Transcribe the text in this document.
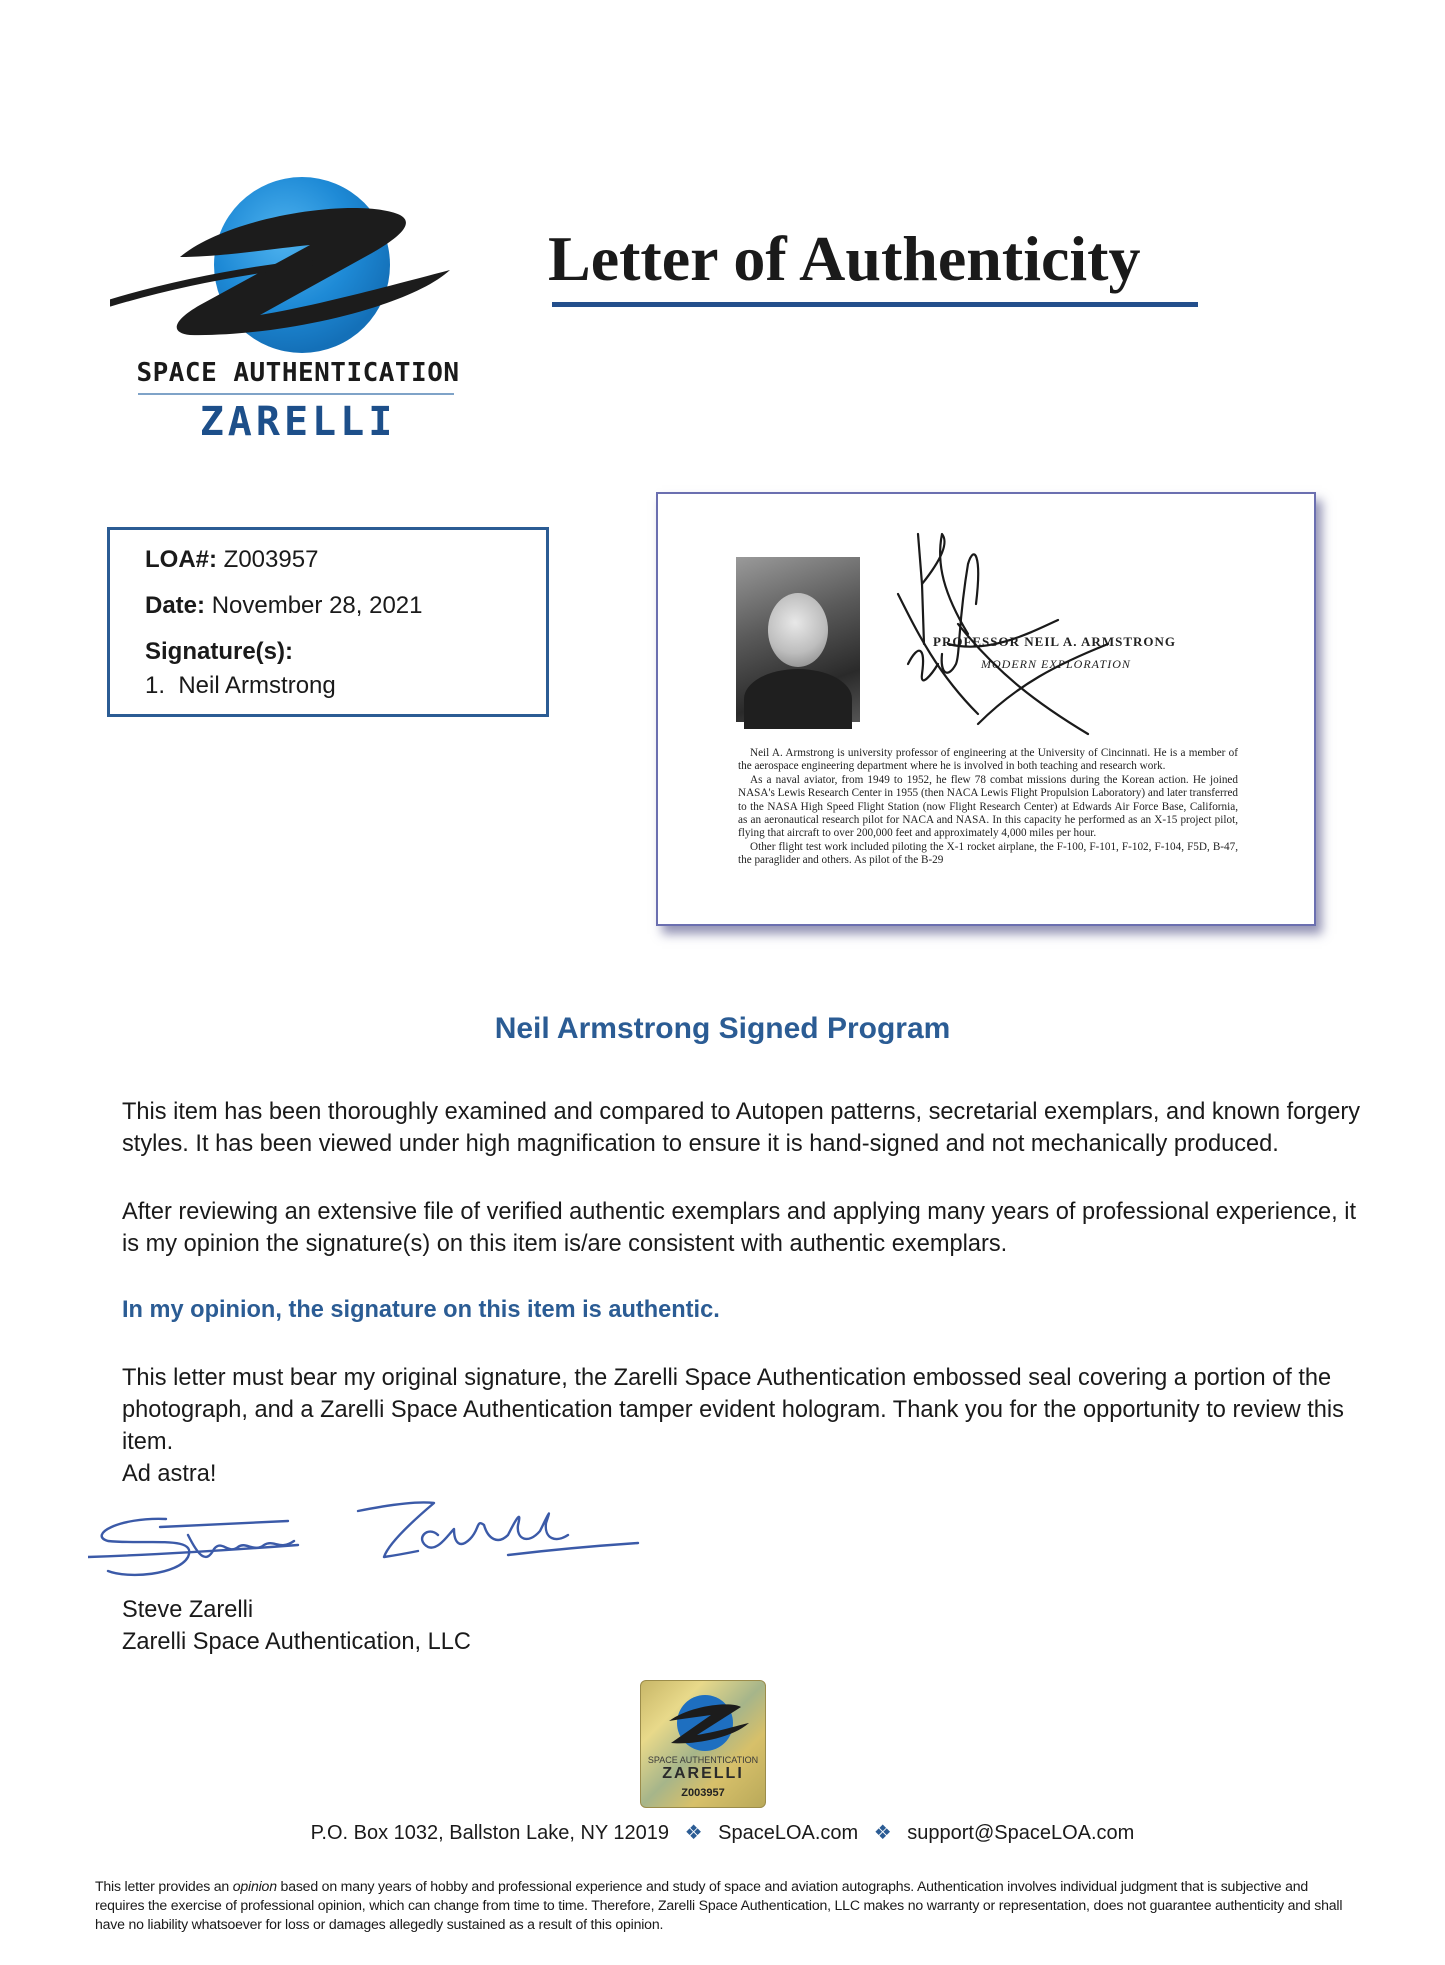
SPACE AUTHENTICATION
ZARELLI
Letter of Authenticity
LOA#: Z003957
Date: November 28, 2021
Signature(s):
1.  Neil Armstrong
PROFESSOR NEIL A. ARMSTRONG
MODERN EXPLORATION

Neil A. Armstrong is university professor of engineering at the University of Cincinnati. He is a member of the aerospace engineering department where he is involved in both teaching and research work.

As a naval aviator, from 1949 to 1952, he flew 78 combat missions during the Korean action. He joined NASA's Lewis Research Center in 1955 (then NACA Lewis Flight Propulsion Laboratory) and later transferred to the NASA High Speed Flight Station (now Flight Research Center) at Edwards Air Force Base, California, as an aeronautical research pilot for NACA and NASA. In this capacity he performed as an X-15 project pilot, flying that aircraft to over 200,000 feet and approximately 4,000 miles per hour.

Other flight test work included piloting the X-1 rocket airplane, the F-100, F-101, F-102, F-104, F5D, B-47, the paraglider and others. As pilot of the B-29

Neil Armstrong Signed Program
This item has been thoroughly examined and compared to Autopen patterns, secretarial exemplars, and known forgery styles. It has been viewed under high magnification to ensure it is hand-signed and not mechanically produced.
After reviewing an extensive file of verified authentic exemplars and applying many years of professional experience, it is my opinion the signature(s) on this item is/are consistent with authentic exemplars.
In my opinion, the signature on this item is authentic.
This letter must bear my original signature, the Zarelli Space Authentication embossed seal covering a portion of the photograph, and a Zarelli Space Authentication tamper evident hologram. Thank you for the opportunity to review this item.
Ad astra!
Steve Zarelli
Zarelli Space Authentication, LLC
SPACE AUTHENTICATION
ZARELLI
Z003957
P.O. Box 1032, Ballston Lake, NY 12019 ❖ SpaceLOA.com ❖ support@SpaceLOA.com
This letter provides an opinion based on many years of hobby and professional experience and study of space and aviation autographs. Authentication involves individual judgment that is subjective and requires the exercise of professional opinion, which can change from time to time. Therefore, Zarelli Space Authentication, LLC makes no warranty or representation, does not guarantee authenticity and shall have no liability whatsoever for loss or damages allegedly sustained as a result of this opinion.
